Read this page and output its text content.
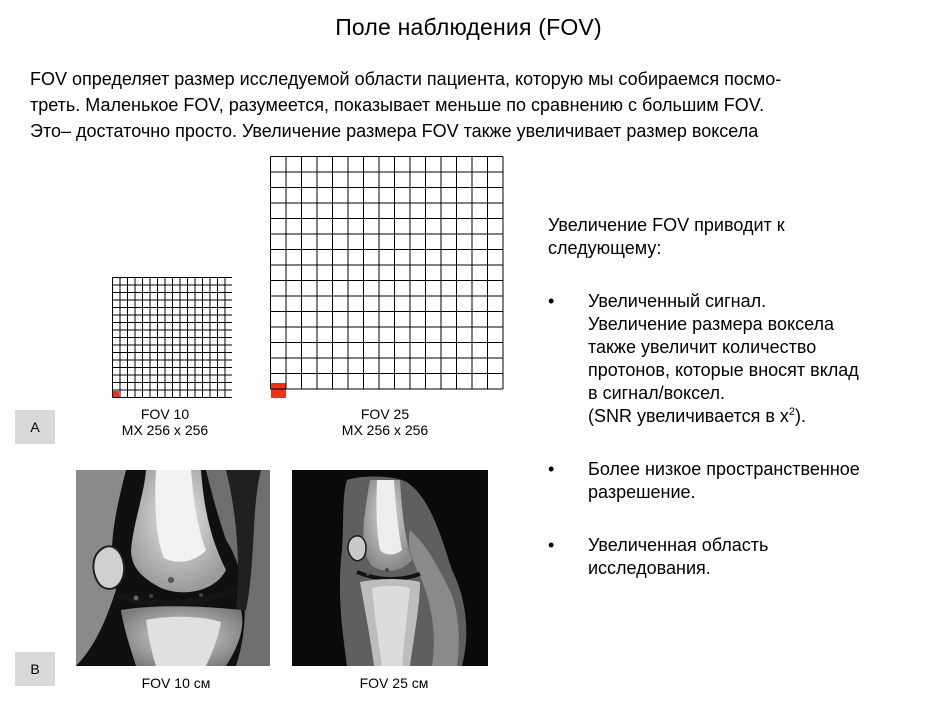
Поле наблюдения (FOV)
FOV определяет размер исследуемой области пациента, которую мы собираемся посмо-
треть. Маленькое FOV, разумеется, показывает меньше по сравнению с большим FOV.
Это– достаточно просто. Увеличение размера FOV также увеличивает размер воксела
FOV 10
MX 256 x 256
FOV 25
MX 256 x 256
A
B
FOV 10 см	FOV 25 см
Увеличение FOV приводит к
следующему:
• Увеличенный сигнал.
Увеличение размера воксела
также увеличит количество
протонов, которые вносят вклад
в сигнал/воксел.
(SNR увеличивается в $x^2$).
• Более низкое пространственное
разрешение.
• Увеличенная область
исследования.
